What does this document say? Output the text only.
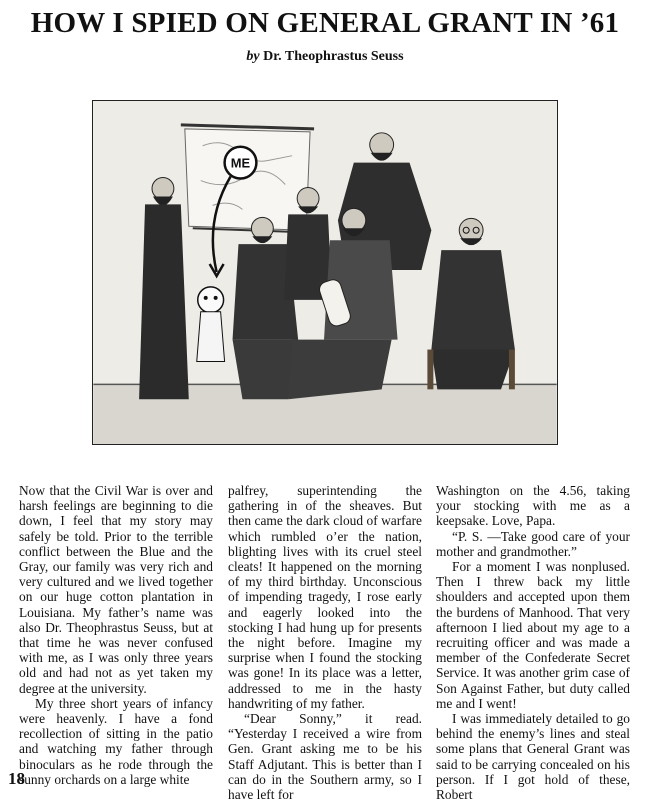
HOW I SPIED ON GENERAL GRANT IN ’61

by Dr. Theophrastus Seuss

ME

Now that the Civil War is over and harsh feelings are beginning to die down, I feel that my story may safely be told. Prior to the terrible conflict between the Blue and the Gray, our family was very rich and very cultured and we lived together on our huge cotton plantation in Louisiana. My father’s name was also Dr. Theophrastus Seuss, but at that time he was never confused with me, as I was only three years old and had not as yet taken my degree at the university.

My three short years of infancy were heavenly. I have a fond recollection of sitting in the patio and watching my father through binoculars as he rode through the sunny orchards on a large white

palfrey, superintending the gathering in of the sheaves. But then came the dark cloud of warfare which rumbled o’er the nation, blighting lives with its cruel steel cleats! It happened on the morning of my third birthday. Unconscious of impending tragedy, I rose early and eagerly looked into the stocking I had hung up for presents the night before. Imagine my surprise when I found the stocking was gone! In its place was a letter, addressed to me in the hasty handwriting of my father.

“Dear Sonny,” it read. “Yesterday I received a wire from Gen. Grant asking me to be his Staff Adjutant. This is better than I can do in the Southern army, so I have left for

Washington on the 4.56, taking your stocking with me as a keepsake. Love, Papa.

“P. S. —Take good care of your mother and grandmother.”

For a moment I was nonplused. Then I threw back my little shoulders and accepted upon them the burdens of Manhood. That very afternoon I lied about my age to a recruiting officer and was made a member of the Confederate Secret Service. It was another grim case of Son Against Father, but duty called me and I went!

I was immediately detailed to go behind the enemy’s lines and steal some plans that General Grant was said to be carrying concealed on his person. If I got hold of these, Robert

18
